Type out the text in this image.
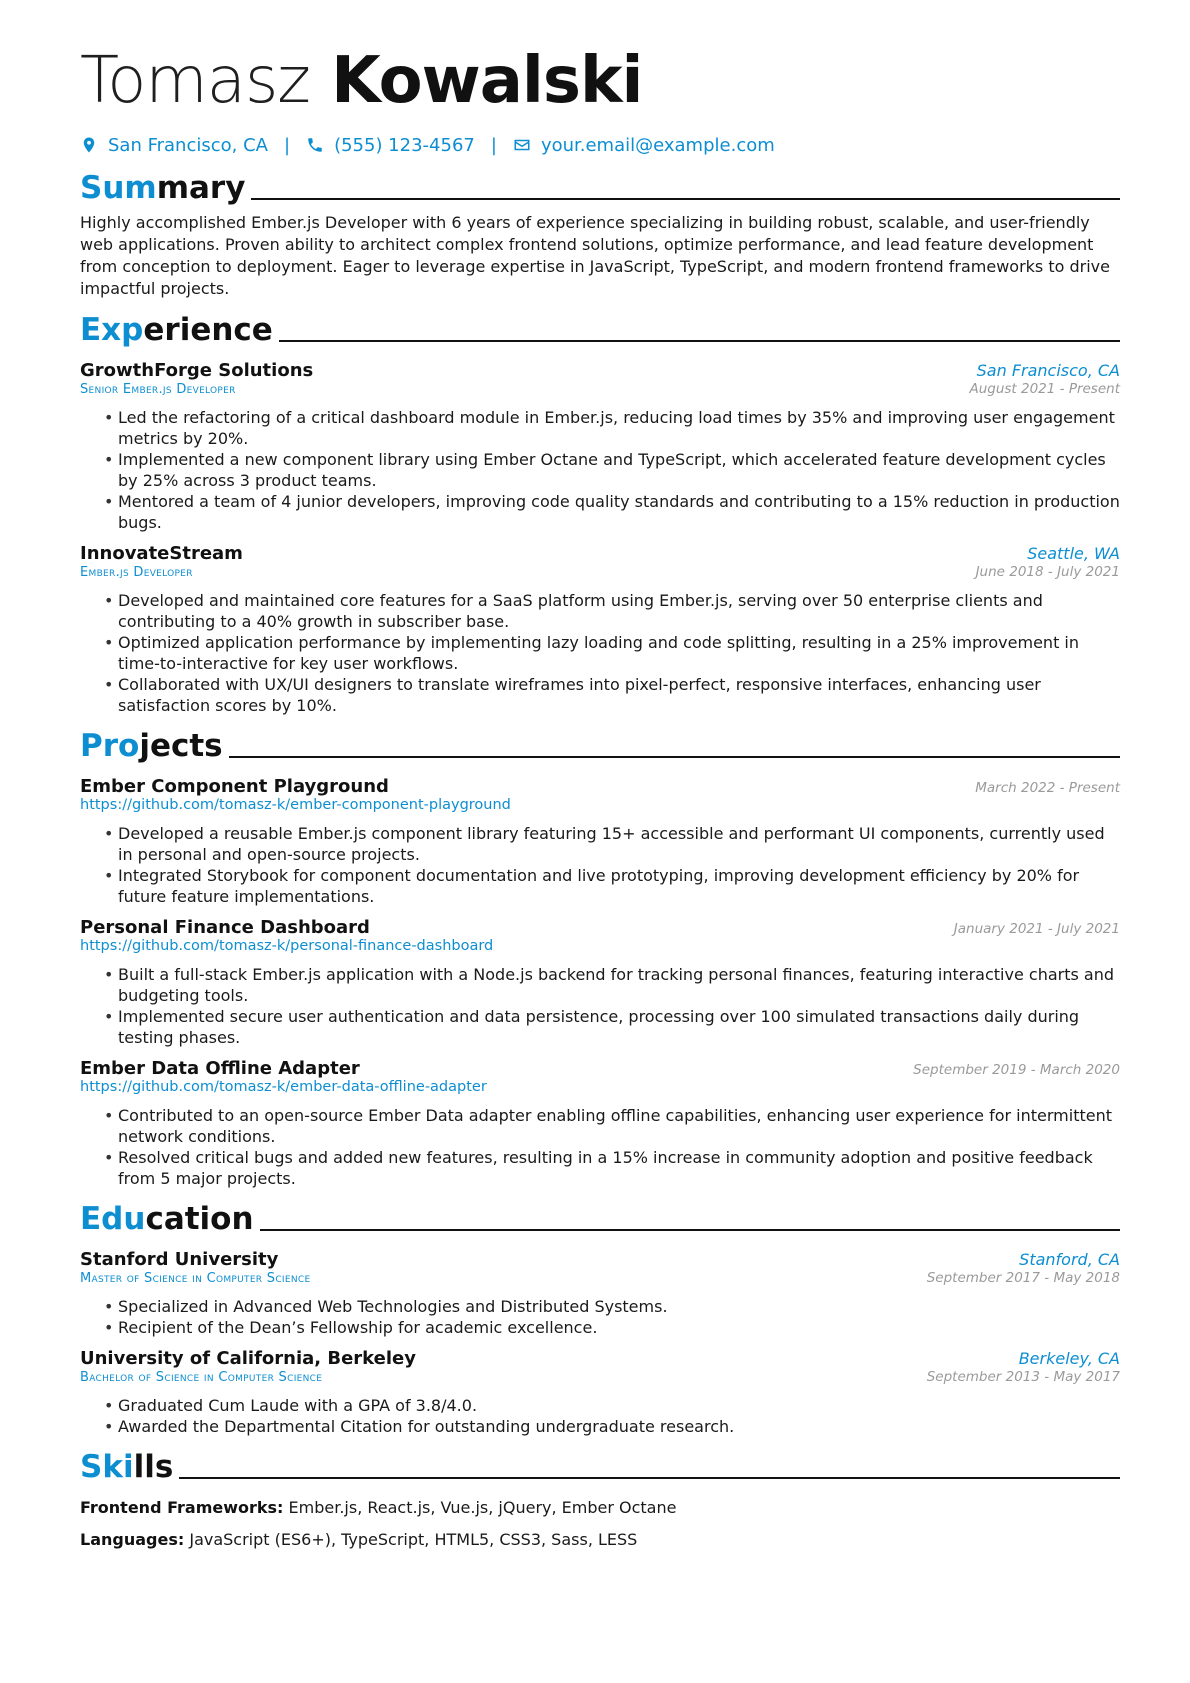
Tomasz Kowalski
San Francisco, CA | (555) 123-4567 | your.email@example.com
Summary
Highly accomplished Ember.js Developer with 6 years of experience specializing in building robust, scalable, and user-friendly web applications. Proven ability to architect complex frontend solutions, optimize performance, and lead feature development from conception to deployment. Eager to leverage expertise in JavaScript, TypeScript, and modern frontend frameworks to drive impactful projects.
Experience
GrowthForge Solutions	San Francisco, CA
Senior Ember.js Developer	August 2021 - Present
• Led the refactoring of a critical dashboard module in Ember.js, reducing load times by 35% and improving user engagement metrics by 20%.
• Implemented a new component library using Ember Octane and TypeScript, which accelerated feature development cycles by 25% across 3 product teams.
• Mentored a team of 4 junior developers, improving code quality standards and contributing to a 15% reduction in production bugs.
InnovateStream	Seattle, WA
Ember.js Developer	June 2018 - July 2021
• Developed and maintained core features for a SaaS platform using Ember.js, serving over 50 enterprise clients and contributing to a 40% growth in subscriber base.
• Optimized application performance by implementing lazy loading and code splitting, resulting in a 25% improvement in time-to-interactive for key user workflows.
• Collaborated with UX/UI designers to translate wireframes into pixel-perfect, responsive interfaces, enhancing user satisfaction scores by 10%.
Projects
Ember Component Playground	March 2022 - Present
https://github.com/tomasz-k/ember-component-playground
• Developed a reusable Ember.js component library featuring 15+ accessible and performant UI components, currently used in personal and open-source projects.
• Integrated Storybook for component documentation and live prototyping, improving development efficiency by 20% for future feature implementations.
Personal Finance Dashboard	January 2021 - July 2021
https://github.com/tomasz-k/personal-finance-dashboard
• Built a full-stack Ember.js application with a Node.js backend for tracking personal finances, featuring interactive charts and budgeting tools.
• Implemented secure user authentication and data persistence, processing over 100 simulated transactions daily during testing phases.
Ember Data Offline Adapter	September 2019 - March 2020
https://github.com/tomasz-k/ember-data-offline-adapter
• Contributed to an open-source Ember Data adapter enabling offline capabilities, enhancing user experience for intermittent network conditions.
• Resolved critical bugs and added new features, resulting in a 15% increase in community adoption and positive feedback from 5 major projects.
Education
Stanford University	Stanford, CA
Master of Science in Computer Science	September 2017 - May 2018
• Specialized in Advanced Web Technologies and Distributed Systems.
• Recipient of the Dean’s Fellowship for academic excellence.
University of California, Berkeley	Berkeley, CA
Bachelor of Science in Computer Science	September 2013 - May 2017
• Graduated Cum Laude with a GPA of 3.8/4.0.
• Awarded the Departmental Citation for outstanding undergraduate research.
Skills
Frontend Frameworks: Ember.js, React.js, Vue.js, jQuery, Ember Octane
Languages: JavaScript (ES6+), TypeScript, HTML5, CSS3, Sass, LESS
